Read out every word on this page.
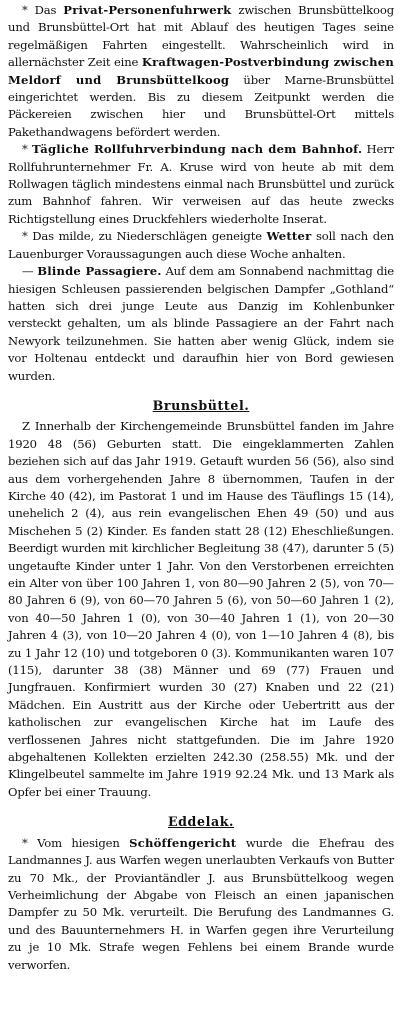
* Das Privat-Personenfuhrwerk zwischen Brunsbüttelkoog und Brunsbüttel-Ort hat mit Ablauf des heutigen Tages seine regelmäßigen Fahrten eingestellt. Wahrscheinlich wird in allernächster Zeit eine Kraftwagen-Postverbindung zwischen Meldorf und Brunsbüttelkoog über Marne-Brunsbüttel eingerichtet werden. Bis zu diesem Zeitpunkt werden die Päckereien zwischen hier und Brunsbüttel-Ort mittels Pakethandwagens befördert werden.

* Tägliche Rollfuhrverbindung nach dem Bahnhof. Herr Rollfuhrunternehmer Fr. A. Kruse wird von heute ab mit dem Rollwagen täglich mindestens einmal nach Brunsbüttel und zurück zum Bahnhof fahren. Wir verweisen auf das heute zwecks Richtigstellung eines Druckfehlers wiederholte Inserat.

* Das milde, zu Niederschlägen geneigte Wetter soll nach den Lauenburger Voraussagungen auch diese Woche anhalten.

— Blinde Passagiere. Auf dem am Sonnabend nachmittag die hiesigen Schleusen passierenden belgischen Dampfer „Gothland“ hatten sich drei junge Leute aus Danzig im Kohlenbunker versteckt gehalten, um als blinde Passagiere an der Fahrt nach Newyork teilzunehmen. Sie hatten aber wenig Glück, indem sie vor Holtenau entdeckt und daraufhin hier von Bord gewiesen wurden.

Brunsbüttel.

Z Innerhalb der Kirchengemeinde Brunsbüttel fanden im Jahre 1920 48 (56) Geburten statt. Die eingeklammerten Zahlen beziehen sich auf das Jahr 1919. Getauft wurden 56 (56), also sind aus dem vorhergehenden Jahre 8 übernommen, Taufen in der Kirche 40 (42), im Pastorat 1 und im Hause des Täuflings 15 (14), unehelich 2 (4), aus rein evangelischen Ehen 49 (50) und aus Mischehen 5 (2) Kinder. Es fanden statt 28 (12) Eheschließungen. Beerdigt wurden mit kirchlicher Begleitung 38 (47), darunter 5 (5) ungetaufte Kinder unter 1 Jahr. Von den Verstorbenen erreichten ein Alter von über 100 Jahren 1, von 80—90 Jahren 2 (5), von 70—80 Jahren 6 (9), von 60—70 Jahren 5 (6), von 50—60 Jahren 1 (2), von 40—50 Jahren 1 (0), von 30—40 Jahren 1 (1), von 20—30 Jahren 4 (3), von 10—20 Jahren 4 (0), von 1—10 Jahren 4 (8), bis zu 1 Jahr 12 (10) und totgeboren 0 (3). Kommunikanten waren 107 (115), darunter 38 (38) Männer und 69 (77) Frauen und Jungfrauen. Konfirmiert wurden 30 (27) Knaben und 22 (21) Mädchen. Ein Austritt aus der Kirche oder Uebertritt aus der katholischen zur evangelischen Kirche hat im Laufe des verflossenen Jahres nicht stattgefunden. Die im Jahre 1920 abgehaltenen Kollekten erzielten 242.30 (258.55) Mk. und der Klingelbeutel sammelte im Jahre 1919 92.24 Mk. und 13 Mark als Opfer bei einer Trauung.

Eddelak.

* Vom hiesigen Schöffengericht wurde die Ehefrau des Landmannes J. aus Warfen wegen unerlaubten Verkaufs von Butter zu 70 Mk., der Proviantändler J. aus Brunsbüttelkoog wegen Verheimlichung der Abgabe von Fleisch an einen japanischen Dampfer zu 50 Mk. verurteilt. Die Berufung des Landmannes G. und des Bauunternehmers H. in Warfen gegen ihre Verurteilung zu je 10 Mk. Strafe wegen Fehlens bei einem Brande wurde verworfen.
